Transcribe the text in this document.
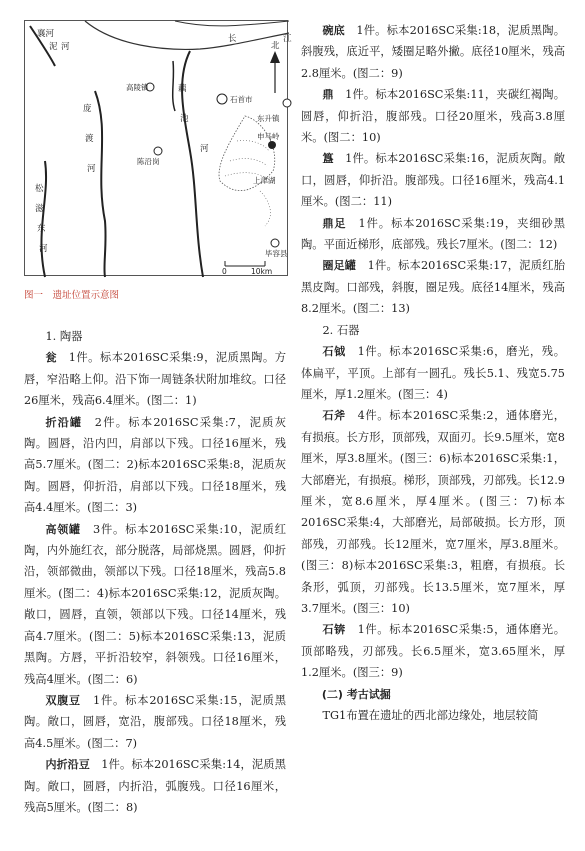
襄河
泥 河
长	江
北
高陵镇
石首市
东升镇
陈沿岗
申马岭
上津湖
毕容县
0	10km
庞
渡
河
藕
池
河
松
滋
东
河
图一　遗址位置示意图

1. 陶器

瓮　1件。标本2016SC采集:9，泥质黑陶。方唇，窄沿略上仰。沿下饰一周链条状附加堆纹。口径26厘米，残高6.4厘米。(图二：1)

折沿罐　2件。标本2016SC采集:7，泥质灰陶。圆唇，沿内凹，肩部以下残。口径16厘米，残高5.7厘米。(图二：2)标本2016SC采集:8，泥质灰陶。圆唇，仰折沿，肩部以下残。口径18厘米，残高4.4厘米。(图二：3)

高领罐　3件。标本2016SC采集:10，泥质红陶，内外施红衣，部分脱落，局部烧黑。圆唇，仰折沿，领部微曲，领部以下残。口径18厘米，残高5.8厘米。(图二：4)标本2016SC采集:12，泥质灰陶。敞口，圆唇，直领，领部以下残。口径14厘米，残高4.7厘米。(图二：5)标本2016SC采集:13，泥质黑陶。方唇，平折沿较窄，斜领残。口径16厘米，残高4厘米。(图二：6)

双腹豆　1件。标本2016SC采集:15，泥质黑陶。敞口，圆唇，宽沿，腹部残。口径18厘米，残高4.5厘米。(图二：7)

内折沿豆　1件。标本2016SC采集:14，泥质黑陶。敞口，圆唇，内折沿，弧腹残。口径16厘米，残高5厘米。(图二：8)

碗底　1件。标本2016SC采集:18，泥质黑陶。斜腹残，底近平，矮圈足略外撇。底径10厘米，残高2.8厘米。(图二：9)

鼎　1件。标本2016SC采集:11，夹碳红褐陶。圆唇，仰折沿，腹部残。口径20厘米，残高3.8厘米。(图二：10)

簋　1件。标本2016SC采集:16，泥质灰陶。敞口，圆唇，仰折沿。腹部残。口径16厘米，残高4.1厘米。(图二：11)

鼎足　1件。标本2016SC采集:19，夹细砂黑陶。平面近梯形，底部残。残长7厘米。(图二：12)

圈足罐　1件。标本2016SC采集:17，泥质红胎黑皮陶。口部残，斜腹，圈足残。底径14厘米，残高8.2厘米。(图二：13)

2. 石器

石钺　1件。标本2016SC采集:6，磨光，残。体扁平，平顶。上部有一圆孔。残长5.1、残宽5.75厘米，厚1.2厘米。(图三：4)

石斧　4件。标本2016SC采集:2，通体磨光，有损痕。长方形，顶部残，双面刃。长9.5厘米，宽8厘米，厚3.8厘米。(图三：6)标本2016SC采集:1，大部磨光，有损痕。梯形，顶部残，刃部残。长12.9厘米，宽8.6厘米，厚4厘米。(图三：7)标本2016SC采集:4，大部磨光，局部破损。长方形，顶部残，刃部残。长12厘米，宽7厘米，厚3.8厘米。(图三：8)标本2016SC采集:3，粗磨，有损痕。长条形，弧顶，刃部残。长13.5厘米，宽7厘米，厚3.7厘米。(图三：10)

石锛　1件。标本2016SC采集:5，通体磨光。顶部略残，刃部残。长6.5厘米，宽3.65厘米，厚1.2厘米。(图三：9)

(二) 考古试掘

TG1布置在遗址的西北部边缘处，地层较简
